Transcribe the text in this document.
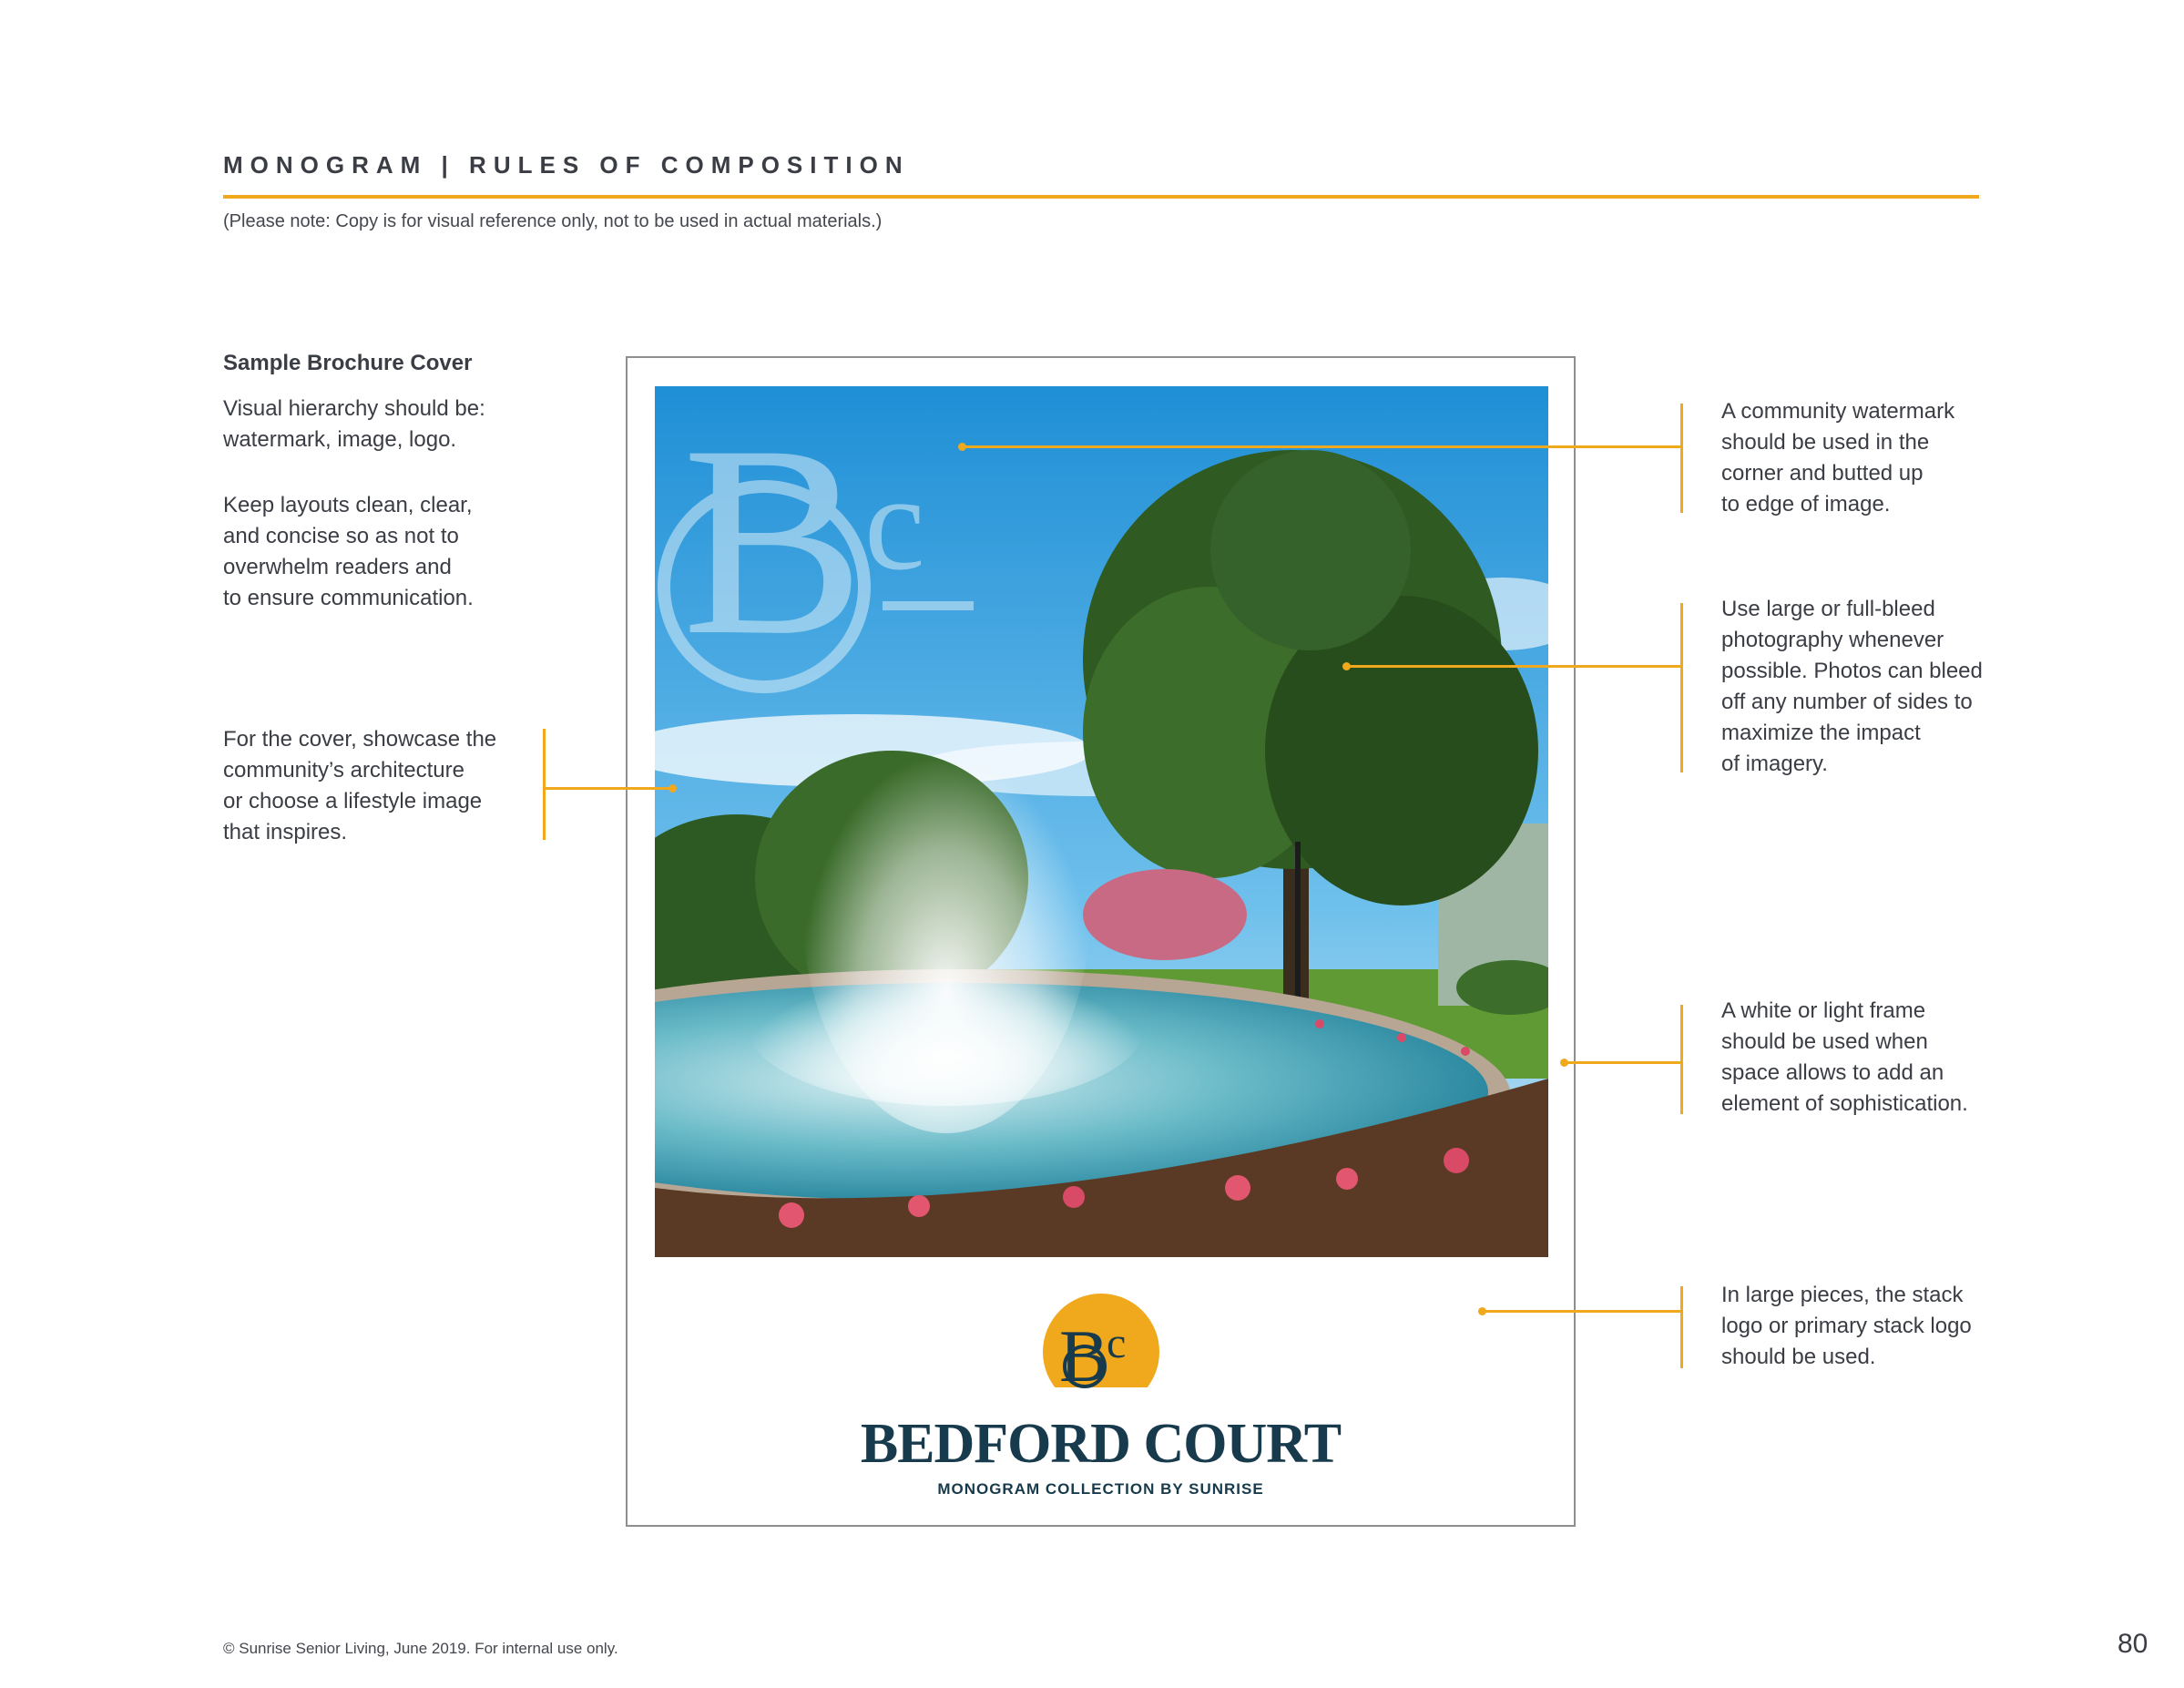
MONOGRAM | RULES OF COMPOSITION
(Please note: Copy is for visual reference only, not to be used in actual materials.)
Sample Brochure Cover
Visual hierarchy should be:
watermark, image, logo.
Keep layouts clean, clear,
and concise so as not to
overwhelm readers and
to ensure communication.
For the cover, showcase the
community’s architecture
or choose a lifestyle image
that inspires.
B c
B
c
BEDFORD COURT
MONOGRAM COLLECTION BY SUNRISE
A community watermark
should be used in the
corner and butted up
to edge of image.
Use large or full-bleed
photography whenever
possible. Photos can bleed
off any number of sides to
maximize the impact
of imagery.
A white or light frame
should be used when
space allows to add an
element of sophistication.
In large pieces, the stack
logo or primary stack logo
should be used.
© Sunrise Senior Living, June 2019. For internal use only.	80
